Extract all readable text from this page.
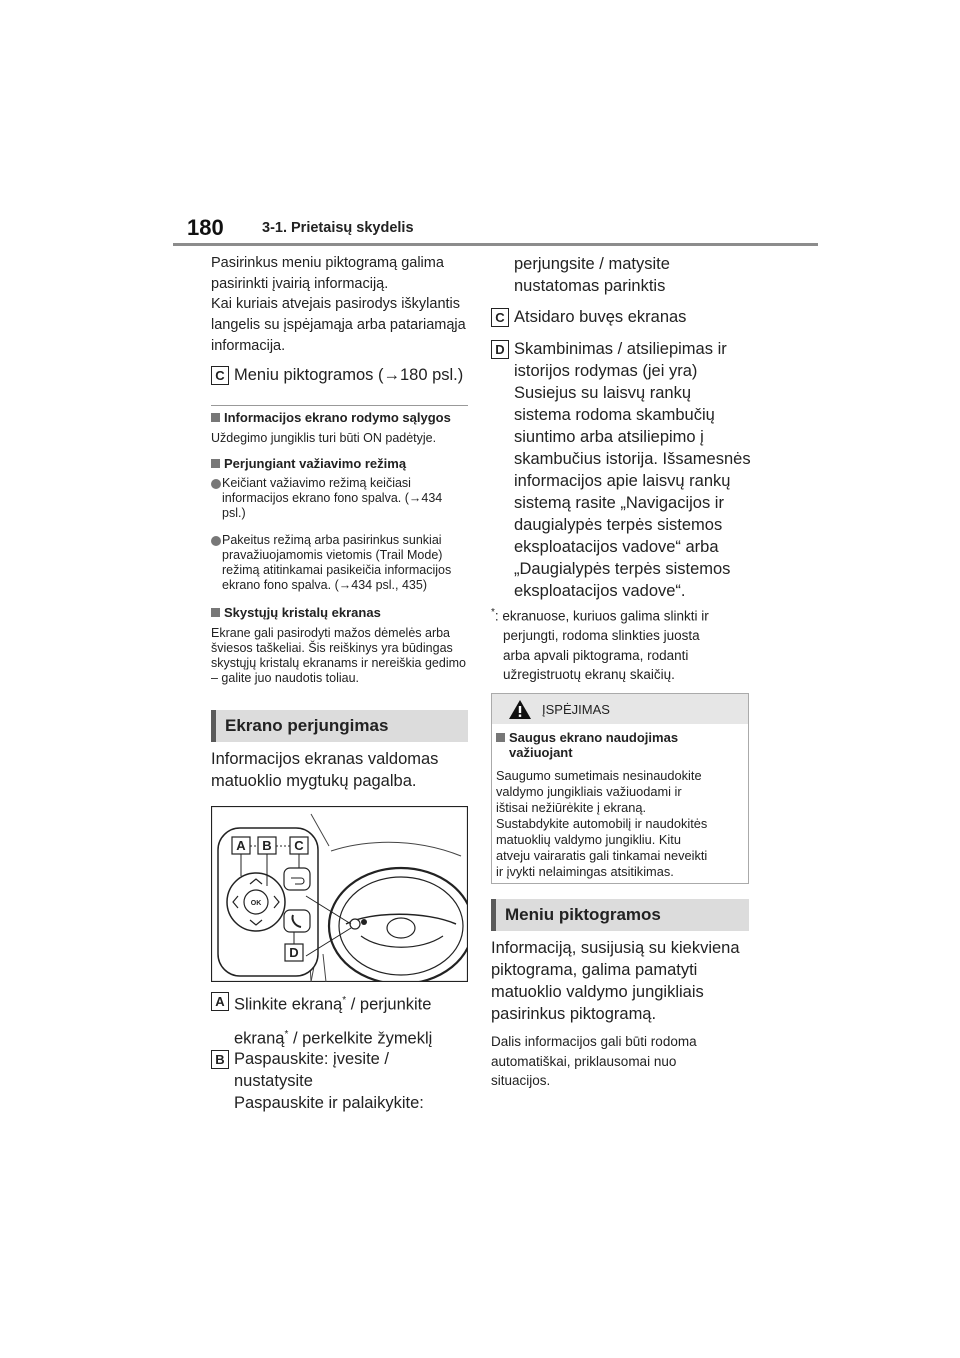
180	3-1. Prietaisų skydelis
Pasirinkus meniu piktogramą galima pasirinkti įvairią informaciją.
Kai kuriais atvejais pasirodys iškylantis langelis su įspėjamąja arba patariamąja informacija.
C Meniu piktogramos (→180 psl.)
Informacijos ekrano rodymo sąlygos
Uždegimo jungiklis turi būti ON padėtyje.
Perjungiant važiavimo režimą
Keičiant važiavimo režimą keičiasi informacijos ekrano fono spalva. (→434 psl.)
Pakeitus režimą arba pasirinkus sunkiai pravažiuojamomis vietomis (Trail Mode) režimą atitinkamai pasikeičia informacijos ekrano fono spalva. (→434 psl., 435)
Skystųjų kristalų ekranas
Ekrane gali pasirodyti mažos dėmelės arba šviesos taškeliai. Šis reiškinys yra būdingas skystųjų kristalų ekranams ir nereiškia gedimo – galite juo naudotis toliau.
Ekrano perjungimas
Informacijos ekranas valdomas matuoklio mygtukų pagalba.
A B C
D
OK
A Slinkite ekraną* / perjunkite
ekraną* / perkelkite žymeklį
B Paspauskite: įvesite /
nustatysite
Paspauskite ir palaikykite:
perjungsite / matysite
nustatomas parinktis
C Atsidaro buvęs ekranas
D Skambinimas / atsiliepimas ir
istorijos rodymas (jei yra)
Susiejus su laisvų rankų
sistema rodoma skambučių
siuntimo arba atsiliepimo į
skambučius istorija. Išsamesnės
informacijos apie laisvų rankų
sistemą rasite „Navigacijos ir
daugialypės terpės sistemos
eksploatacijos vadove“ arba
„Daugialypės terpės sistemos
eksploatacijos vadove“.
*: ekranuose, kuriuos galima slinkti ir
perjungti, rodoma slinkties juosta
arba apvali piktograma, rodanti
užregistruotų ekranų skaičių.
ĮSPĖJIMAS
Saugus ekrano naudojimas
važiuojant
Saugumo sumetimais nesinaudokite
valdymo jungikliais važiuodami ir
ištisai nežiūrėkite į ekraną.
Sustabdykite automobilį ir naudokitės
matuoklių valdymo jungikliu. Kitu
atveju vairaratis gali tinkamai neveikti
ir įvykti nelaimingas atsitikimas.
Meniu piktogramos
Informaciją, susijusią su kiekviena
piktograma, galima pamatyti
matuoklio valdymo jungikliais
pasirinkus piktogramą.
Dalis informacijos gali būti rodoma
automatiškai, priklausomai nuo
situacijos.
